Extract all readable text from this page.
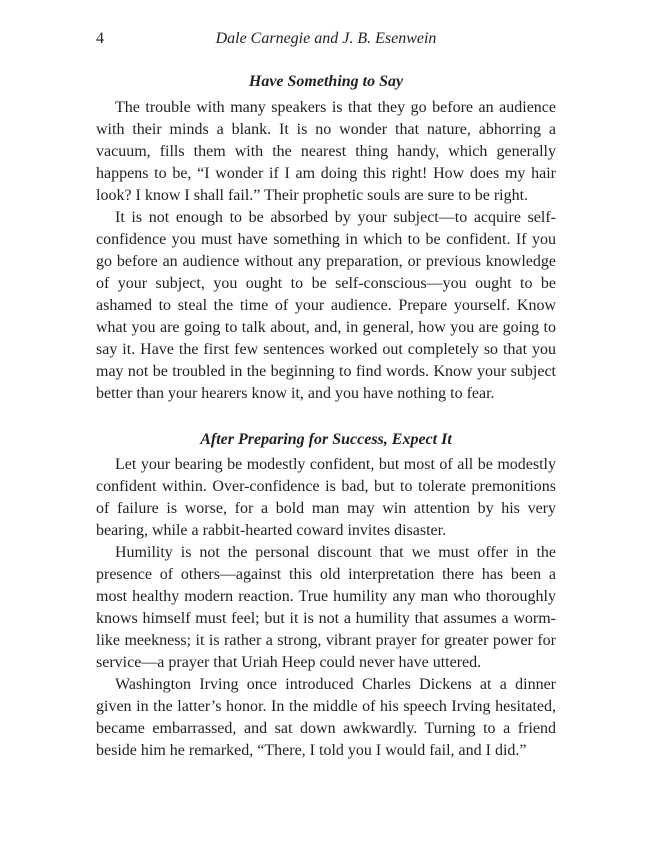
4	Dale Carnegie and J. B. Esenwein
Have Something to Say

The trouble with many speakers is that they go before an audience with their minds a blank. It is no wonder that nature, abhorring a vacuum, fills them with the nearest thing handy, which generally happens to be, “I wonder if I am doing this right! How does my hair look? I know I shall fail.” Their prophetic souls are sure to be right.

It is not enough to be absorbed by your subject—to acquire self-confidence you must have something in which to be confident. If you go before an audience without any preparation, or previous knowledge of your subject, you ought to be self-conscious—you ought to be ashamed to steal the time of your audience. Prepare yourself. Know what you are going to talk about, and, in general, how you are going to say it. Have the first few sentences worked out completely so that you may not be troubled in the beginning to find words. Know your subject better than your hearers know it, and you have nothing to fear.

After Preparing for Success, Expect It

Let your bearing be modestly confident, but most of all be modestly confident within. Over-confidence is bad, but to tolerate premonitions of failure is worse, for a bold man may win attention by his very bearing, while a rabbit-hearted coward invites disaster.

Humility is not the personal discount that we must offer in the presence of others—against this old interpretation there has been a most healthy modern reaction. True humility any man who thoroughly knows himself must feel; but it is not a humility that assumes a worm-like meekness; it is rather a strong, vibrant prayer for greater power for service—a prayer that Uriah Heep could never have uttered.

Washington Irving once introduced Charles Dickens at a dinner given in the latter’s honor. In the middle of his speech Irving hesitated, became embarrassed, and sat down awkwardly. Turning to a friend beside him he remarked, “There, I told you I would fail, and I did.”
